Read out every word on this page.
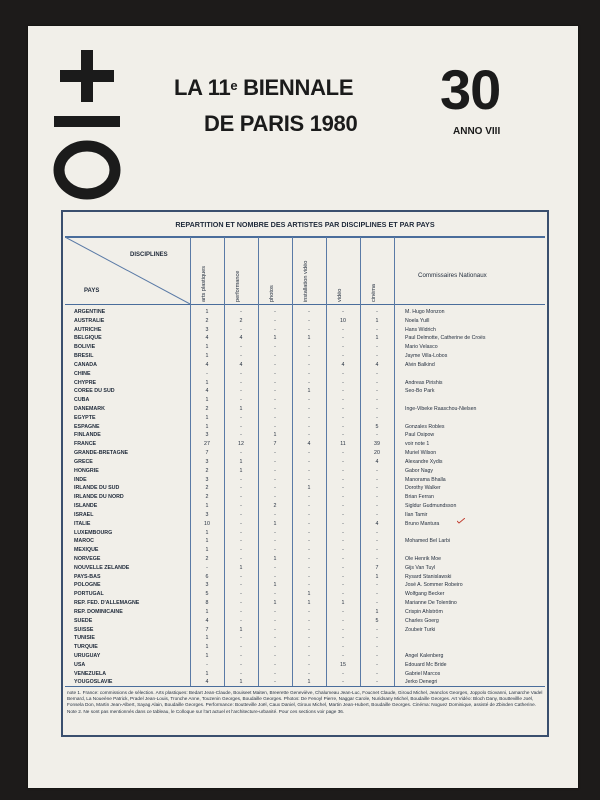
LA 11e BIENNALE
DE PARIS 1980
30
ANNO VIII
REPARTITION ET NOMBRE DES ARTISTES PAR DISCIPLINES ET PAR PAYS
DISCIPLINES
PAYS
Commissaires Nationaux
arts plastiques	performance	photos	installation vidéo	vidéo	cinéma
ARGENTINE	1	-	-	-	-	-	M. Hugo Monzon
AUSTRALIE	2	2	-	-	10	1	Noela Yuill
AUTRICHE	3	-	-	-	-	-	Hans Widrich
BELGIQUE	4	4	1	1	-	1	Paul Delmotte, Catherine de Croës
BOLIVIE	1	-	-	-	-	-	Mario Velasco
BRESIL	1	-	-	-	-	-	Jayme Villa-Lobos
CANADA	4	4	-	-	4	4	Alvin Balkind
CHINE	-	-	-	-	-	-
CHYPRE	1	-	-	-	-	-	Andreas Pirishis
COREE DU SUD	4	-	-	1	-	-	Seo-Bo Park
CUBA	1	-	-	-	-	-
DANEMARK	2	1	-	-	-	-	Inge-Vibeke Raaschou-Nielsen
EGYPTE	1	-	-	-	-	-
ESPAGNE	1	-	-	-	-	5	Gonzales Robles
FINLANDE	3	-	1	-	-	-	Paul Osipow
FRANCE	27	12	7	4	11	39	voir note 1
GRANDE-BRETAGNE	7	-	-	-	-	20	Muriel Wilson
GRECE	3	1	-	-	-	4	Alexandre Xydis
HONGRIE	2	1	-	-	-	-	Gabor Nagy
INDE	3	-	-	-	-	-	Manorama Bhalla
IRLANDE DU SUD	2	-	-	1	-	-	Dorothy Walker
IRLANDE DU NORD	2	-	-	-	-	-	Brian Ferran
ISLANDE	1	-	2	-	-	-	Sigldur Gudmundsson
ISRAEL	3	-	-	-	-	-	Ilan Tamir
ITALIE	10	-	1	-	-	4	Bruno Mantura
LUXEMBOURG	1	-	-	-	-	-
MAROC	1	-	-	-	-	-	Mohamed Bel Larbi
MEXIQUE	1	-	-	-	-	-
NORVEGE	2	-	1	-	-	-	Ole Henrik Moe
NOUVELLE ZELANDE	-	1	-	-	-	7	Gijs Van Tuyl
PAYS-BAS	6	-	-	-	-	1	Rysard Stanislawski
POLOGNE	3	-	1	-	-	-	José A. Sommer Robeiro
PORTUGAL	5	-	-	1	-	-	Wolfgang Becker
REP. FED. D'ALLEMAGNE	8	-	1	1	1	-	Marianne De Tolentino
REP. DOMINICAINE	1	-	-	-	-	1	Crispin Ahlström
SUEDE	4	-	-	-	-	5	Charles Goerg
SUISSE	7	1	-	-	-	-	Zoubeir Turki
TUNISIE	1	-	-	-	-	-
TURQUIE	1	-	-	-	-	-
URUGUAY	1	-	-	-	-	-	Angel Kalenberg
USA	-	-	-	-	15	-	Edouard Mc Bride
VENEZUELA	1	-	-	-	-	-	Gabriel Marcos
YOUGOSLAVIE	4	1	-	1	-	-	Jerko Denegri
note 1. France: commissions de sélection. Arts plastiques: Bedart Jean-Claude, Bouiseet Maiten, Breerette Geneviève, Chalumeau Jean-Luc, Foucnet Claude, Giroud Michel, Jeanclos Georges, Joppolo Giovanni, Lamarche Vadel Bernard, La Noueène Patrick, Pradel Jean-Louis, Tronche Anne, Touzenin Georges, Boudaille Georges. Photos: De Fenoyl Pierre, Naggar Carole, Nuridsany Michel, Boudaille Georges. Art Vidéo: Bloch Dany, Bouttevillle Joël, Fonsela Don, Martin Jean-Albert, Sayag Alain, Boudaille Georges. Performance: Boutteville Joël, Caux Daniel, Giroux Michel, Martin Jean-Hubert, Boudaille Georges. Cinéma: Noguez Dominique, assisté de Zbinden Catherine. Note 2. Ne sont pas mentionnés dans ce tableau, le Colloque sur l'art actuel et l'architecture-urbanité. Pour ces sections voir page 36.
